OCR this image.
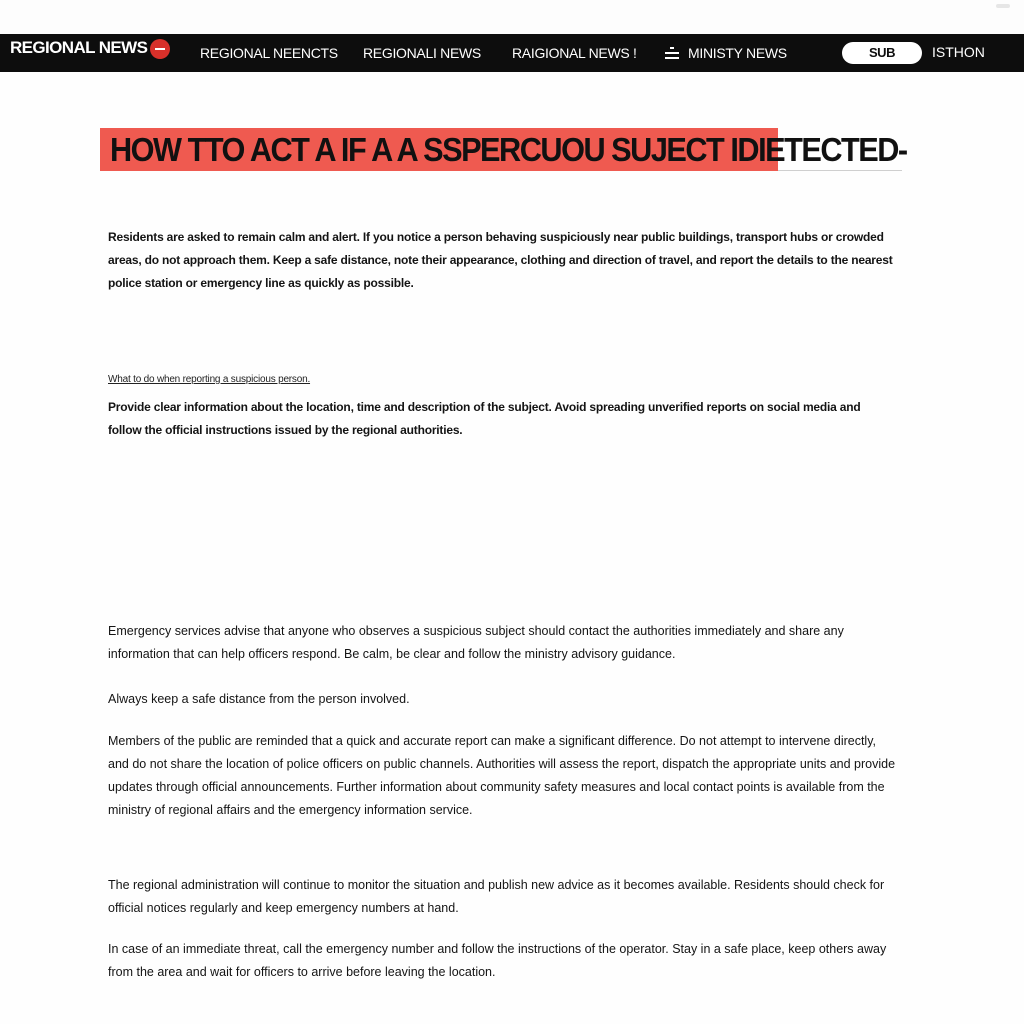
REGIONAL NEWS	REGIONAL NEENCTS REGIONALI NEWS RAIGIONAL NEWS !	MINISTY NEWS	SUB	ISTHON
HOW TTO ACT A IF A A SSPERCUOU SUJECT IDIETECTED-

Residents are asked to remain calm and alert. If you notice a person behaving suspiciously near public buildings, transport hubs or crowded areas, do not approach them. Keep a safe distance, note their appearance, clothing and direction of travel, and report the details to the nearest police station or emergency line as quickly as possible.

What to do when reporting a suspicious person.

Provide clear information about the location, time and description of the subject. Avoid spreading unverified reports on social media and follow the official instructions issued by the regional authorities.

Emergency services advise that anyone who observes a suspicious subject should contact the authorities immediately and share any information that can help officers respond. Be calm, be clear and follow the ministry advisory guidance.

Always keep a safe distance from the person involved.

Members of the public are reminded that a quick and accurate report can make a significant difference. Do not attempt to intervene directly, and do not share the location of police officers on public channels. Authorities will assess the report, dispatch the appropriate units and provide updates through official announcements. Further information about community safety measures and local contact points is available from the ministry of regional affairs and the emergency information service.

The regional administration will continue to monitor the situation and publish new advice as it becomes available. Residents should check for official notices regularly and keep emergency numbers at hand.

In case of an immediate threat, call the emergency number and follow the instructions of the operator. Stay in a safe place, keep others away from the area and wait for officers to arrive before leaving the location.
